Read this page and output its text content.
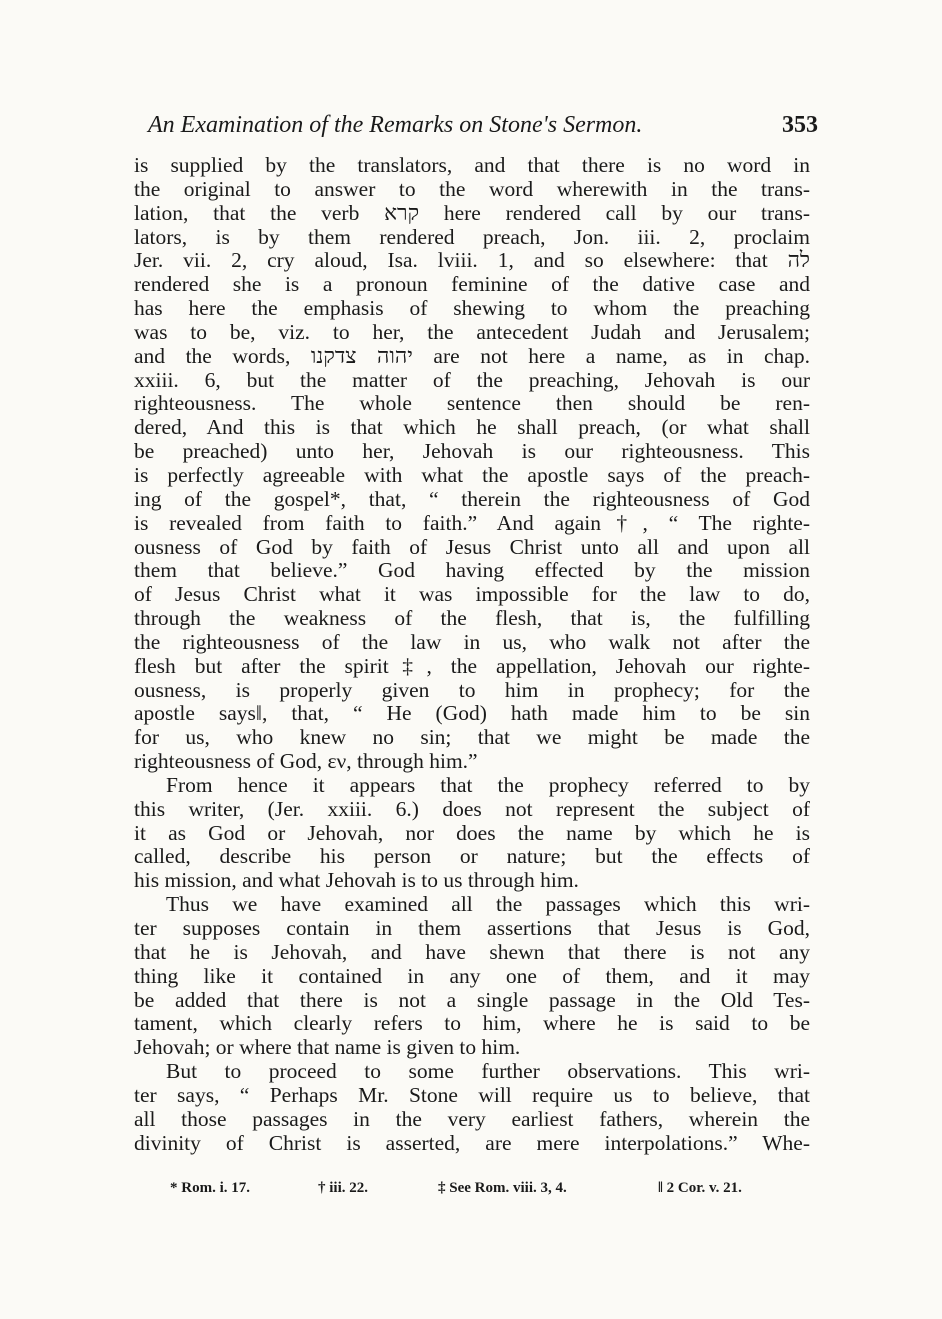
An Examination of the Remarks on Stone's Sermon.	353
is supplied by the translators, and that there is no word in
the original to answer to the word wherewith in the trans-
lation, that the verb קרא here rendered call by our trans-
lators, is by them rendered preach, Jon. iii. 2, proclaim
Jer. vii. 2, cry aloud, Isa. lviii. 1, and so elsewhere: that לה
rendered she is a pronoun feminine of the dative case and
has here the emphasis of shewing to whom the preaching
was to be, viz. to her, the antecedent Judah and Jerusalem;
and the words, יהוה צדקנו are not here a name, as in chap.
xxiii. 6, but the matter of the preaching, Jehovah is our
righteousness. The whole sentence then should be ren-
dered, And this is that which he shall preach, (or what shall
be preached) unto her, Jehovah is our righteousness. This
is perfectly agreeable with what the apostle says of the preach-
ing of the gospel*, that, “ therein the righteousness of God
is revealed from faith to faith.” And again†, “ The righte-
ousness of God by faith of Jesus Christ unto all and upon all
them that believe.” God having effected by the mission
of Jesus Christ what it was impossible for the law to do,
through the weakness of the flesh, that is, the fulfilling
the righteousness of the law in us, who walk not after the
flesh but after the spirit‡, the appellation, Jehovah our righte-
ousness, is properly given to him in prophecy; for the
apostle says‖, that, “ He (God) hath made him to be sin
for us, who knew no sin; that we might be made the
righteousness of God, εν, through him.”
From hence it appears that the prophecy referred to by
this writer, (Jer. xxiii. 6.) does not represent the subject of
it as God or Jehovah, nor does the name by which he is
called, describe his person or nature; but the effects of
his mission, and what Jehovah is to us through him.
Thus we have examined all the passages which this wri-
ter supposes contain in them assertions that Jesus is God,
that he is Jehovah, and have shewn that there is not any
thing like it contained in any one of them, and it may
be added that there is not a single passage in the Old Tes-
tament, which clearly refers to him, where he is said to be
Jehovah; or where that name is given to him.
But to proceed to some further observations. This wri-
ter says, “ Perhaps Mr. Stone will require us to believe, that
all those passages in the very earliest fathers, wherein the
divinity of Christ is asserted, are mere interpolations.” Whe-
* Rom. i. 17.	† iii. 22.	‡ See Rom. viii. 3, 4.	‖ 2 Cor. v. 21.
